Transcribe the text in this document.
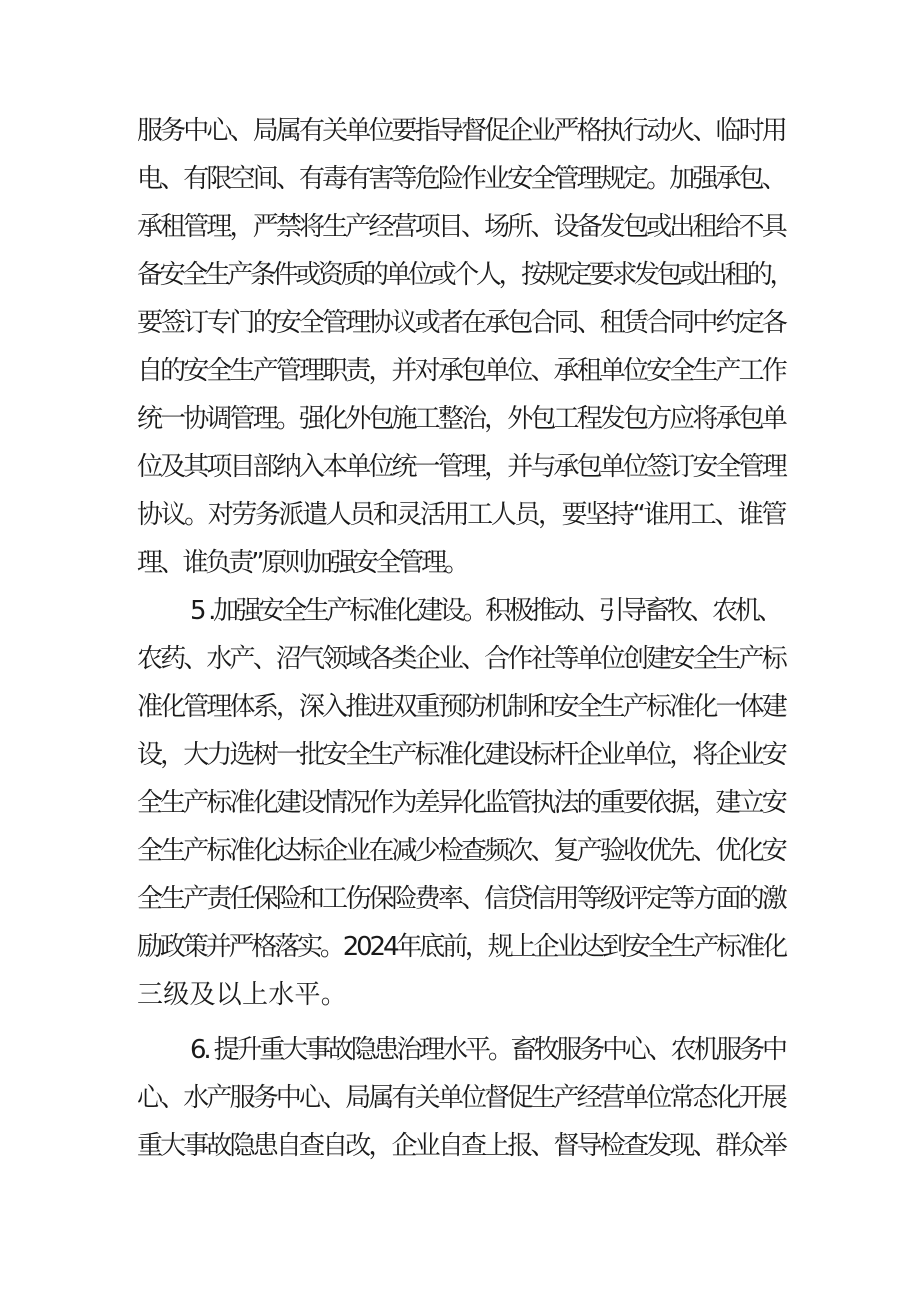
服务中心、局属有关单位要指导督促企业严格执行动火、临时用
电、有限空间、有毒有害等危险作业安全管理规定。加强承包、
承租管理，严禁将生产经营项目、场所、设备发包或出租给不具
备安全生产条件或资质的单位或个人，按规定要求发包或出租的，
要签订专门的安全管理协议或者在承包合同、租赁合同中约定各
自的安全生产管理职责，并对承包单位、承租单位安全生产工作
统一协调管理。强化外包施工整治，外包工程发包方应将承包单
位及其项目部纳入本单位统一管理，并与承包单位签订安全管理
协议。对劳务派遣人员和灵活用工人员，要坚持“谁用工、谁管
理、谁负责”原则加强安全管理。
5 .加强安全生产标准化建设。积极推动、引导畜牧、农机、
农药、水产、沼气领域各类企业、合作社等单位创建安全生产标
准化管理体系，深入推进双重预防机制和安全生产标准化一体建
设，大力选树一批安全生产标准化建设标杆企业单位，将企业安
全生产标准化建设情况作为差异化监管执法的重要依据，建立安
全生产标准化达标企业在减少检查频次、复产验收优先、优化安
全生产责任保险和工伤保险费率、信贷信用等级评定等方面的激
励政策并严格落实。2024年底前，规上企业达到安全生产标准化
三级及以上水平。
6. 提升重大事故隐患治理水平。畜牧服务中心、农机服务中
心、水产服务中心、局属有关单位督促生产经营单位常态化开展
重大事故隐患自查自改，企业自查上报、督导检查发现、群众举
